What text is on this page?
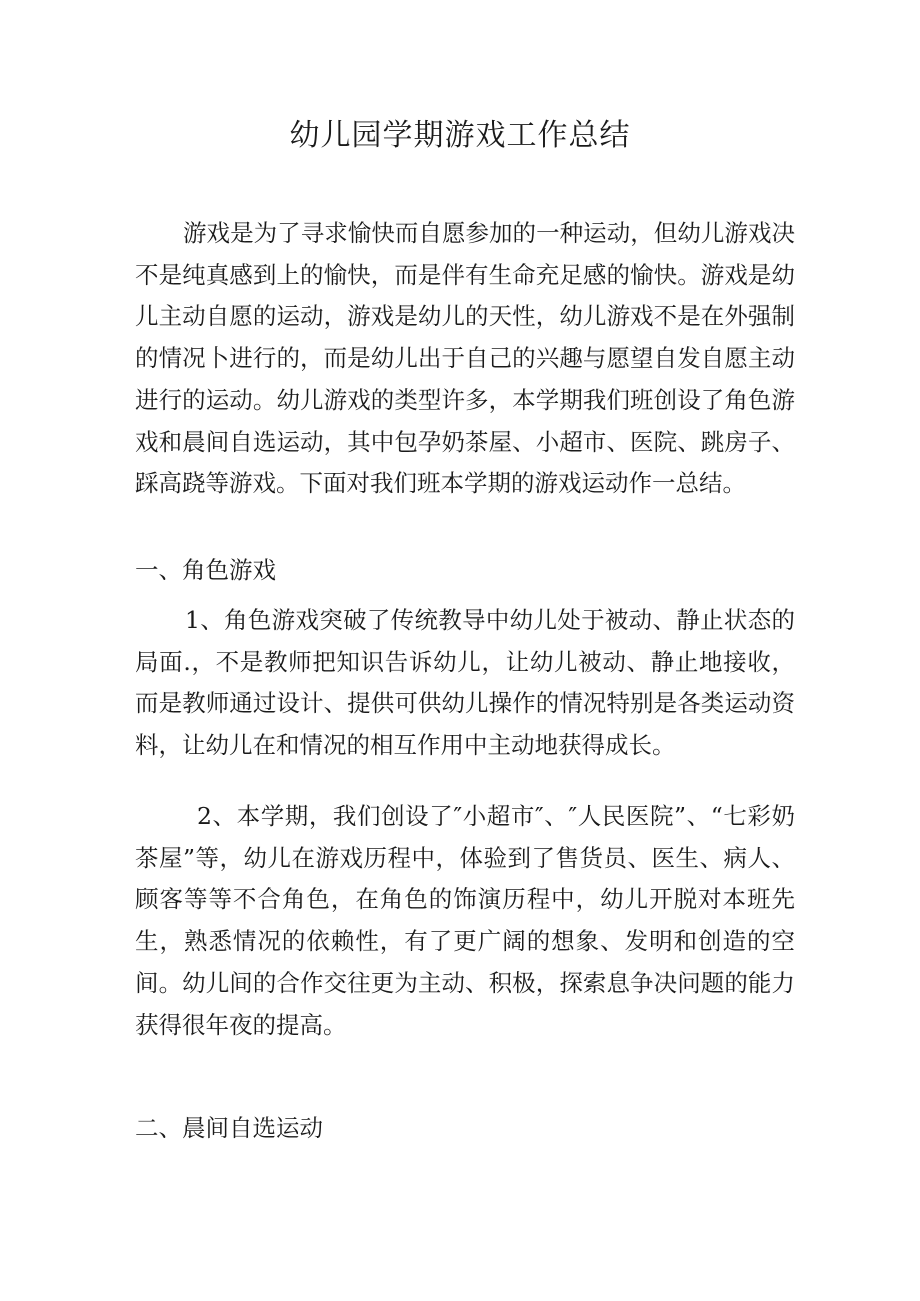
幼儿园学期游戏工作总结

游戏是为了寻求愉快而自愿参加的一种运动，但幼儿游戏决不是纯真感到上的愉快，而是伴有生命充足感的愉快。游戏是幼儿主动自愿的运动，游戏是幼儿的天性，幼儿游戏不是在外强制的情况卜进行的，而是幼儿出于自己的兴趣与愿望自发自愿主动进行的运动。幼儿游戏的类型许多，本学期我们班创设了角色游戏和晨间自选运动，其中包孕奶茶屋、小超市、医院、跳房子、踩高跷等游戏。下面对我们班本学期的游戏运动作一总结。

一、角色游戏

1、角色游戏突破了传统教导中幼儿处于被动、静止状态的局面.，不是教师把知识告诉幼儿，让幼儿被动、静止地接收，而是教师通过设计、提供可供幼儿操作的情况特别是各类运动资料，让幼儿在和情况的相互作用中主动地获得成长。

2、本学期，我们创设了″小超市″、″人民医院”、“七彩奶茶屋”等，幼儿在游戏历程中，体验到了售货员、医生、病人、顾客等等不合角色，在角色的饰演历程中，幼儿开脱对本班先生，熟悉情况的依赖性，有了更广阔的想象、发明和创造的空间。幼儿间的合作交往更为主动、积极，探索息争决问题的能力获得很年夜的提高。

二、晨间自选运动
